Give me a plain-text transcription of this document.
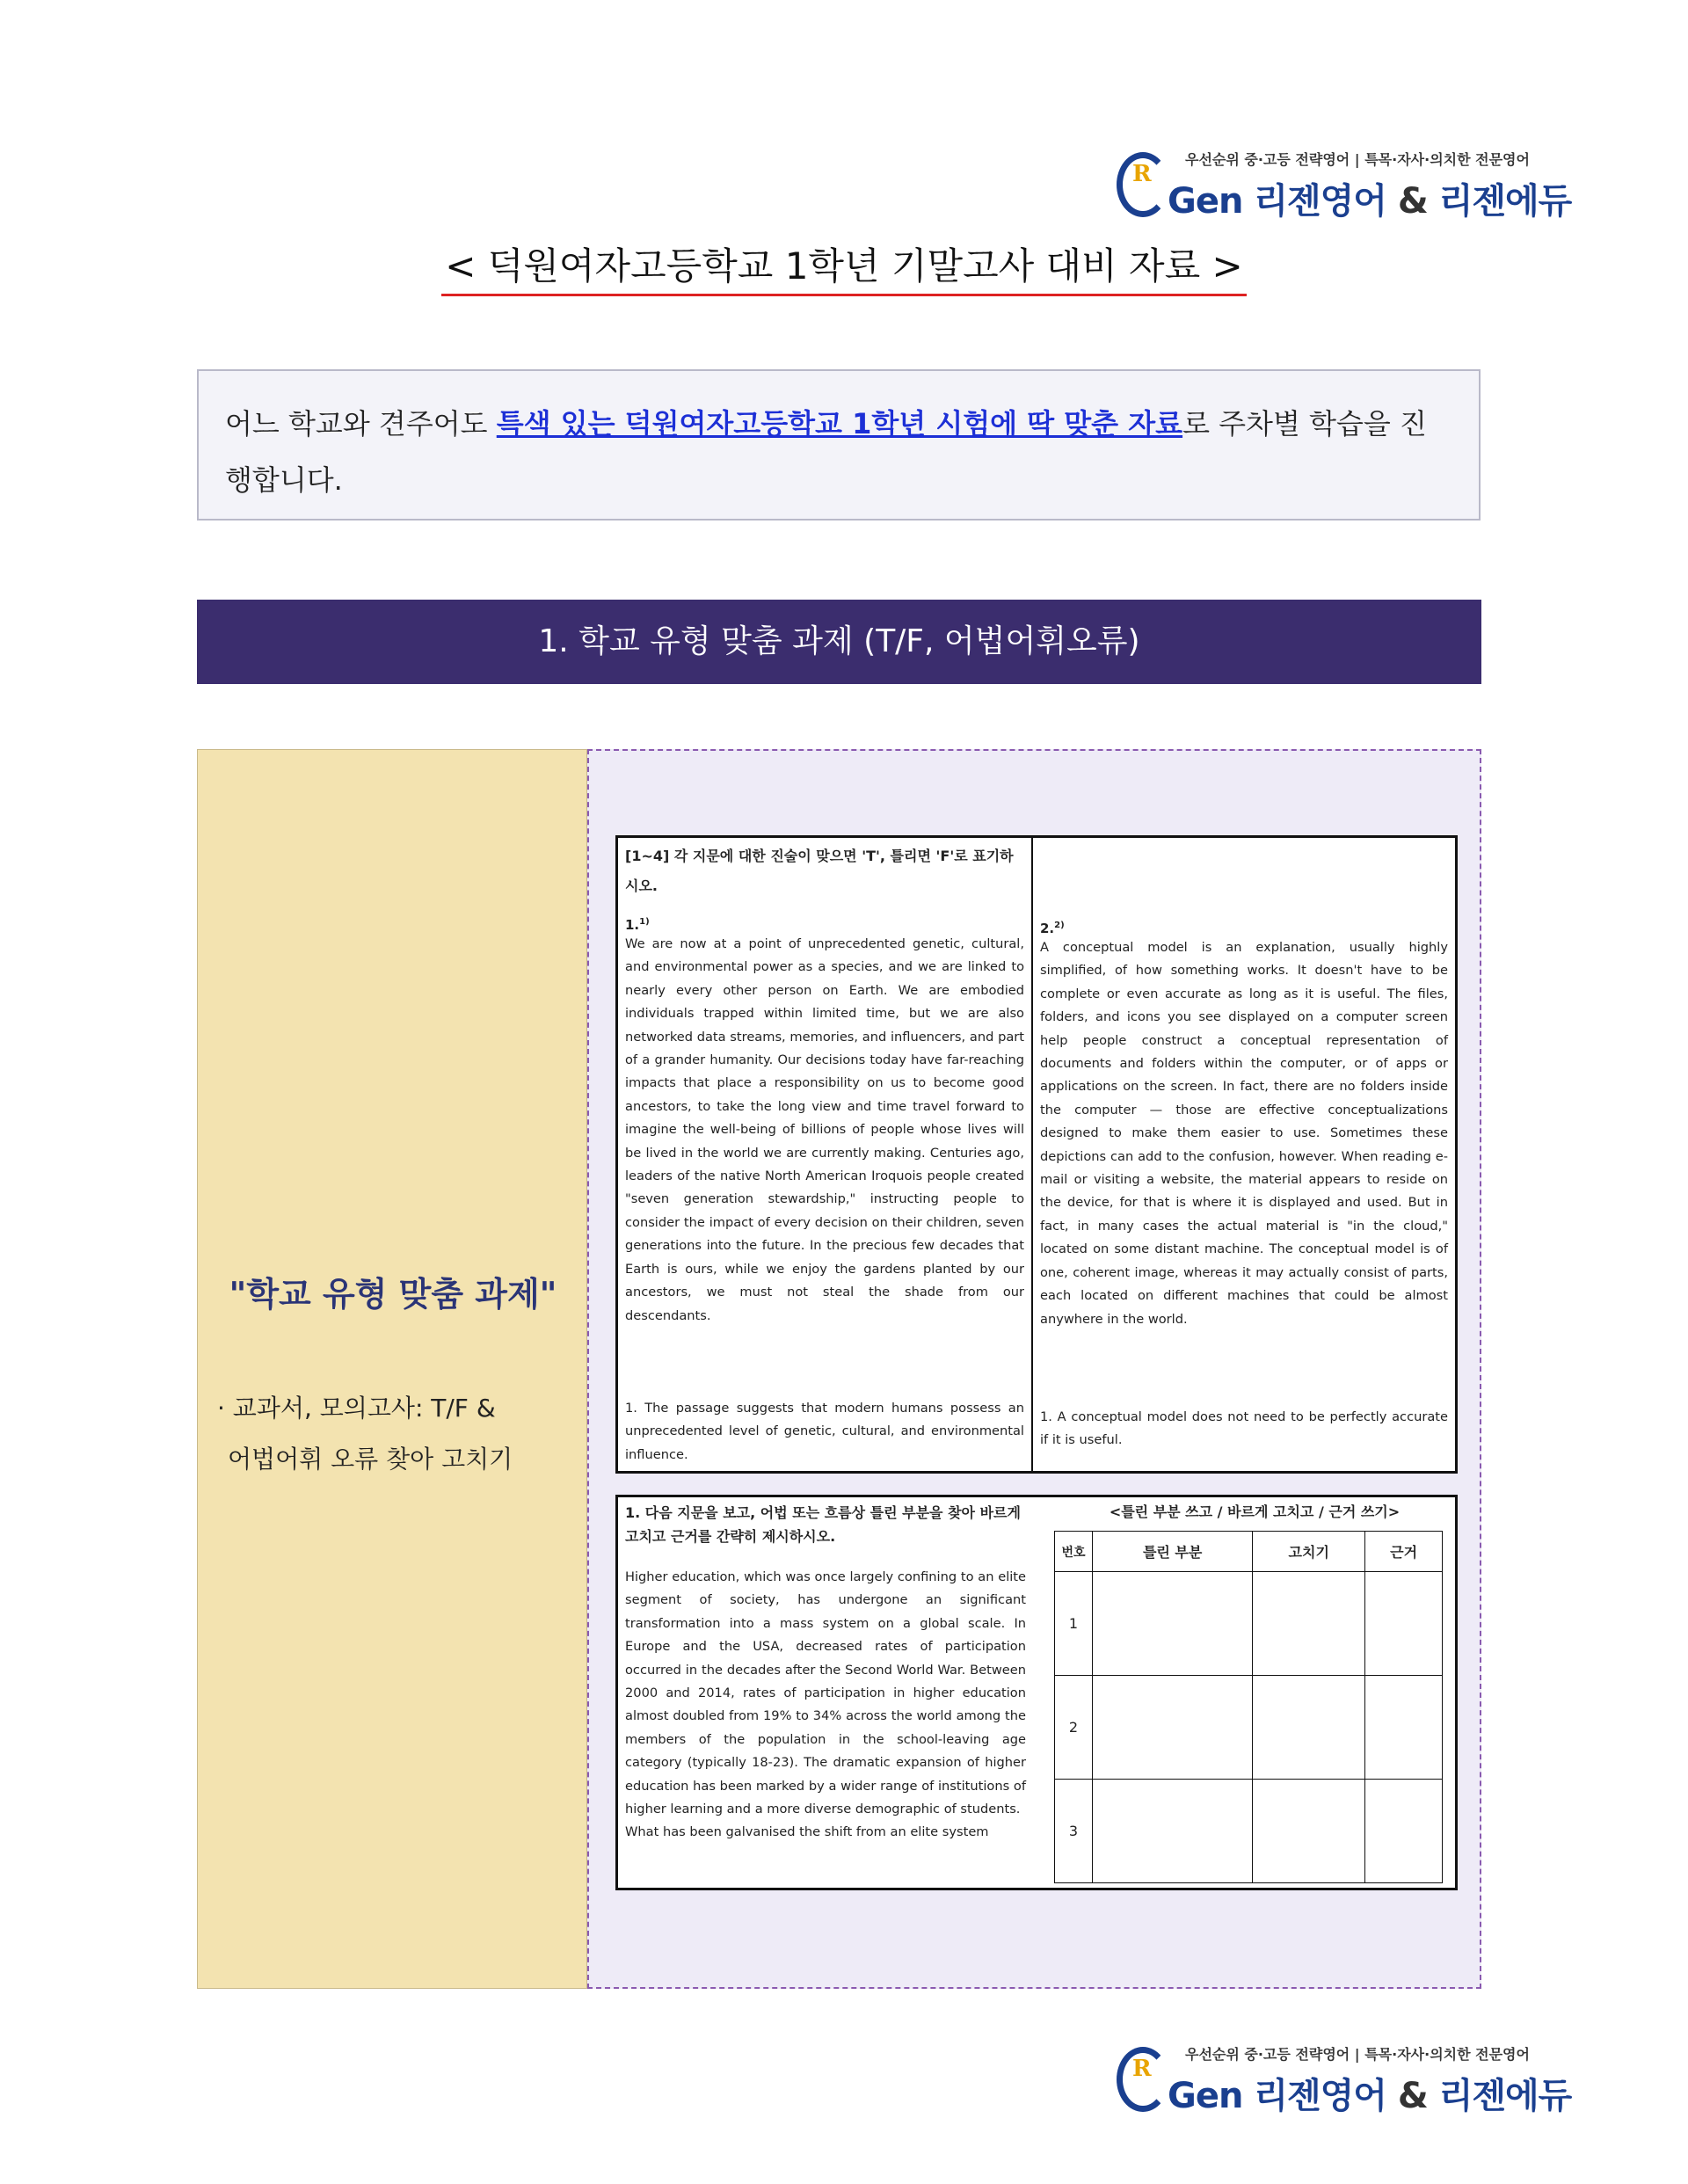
우선순위 중·고등 전략영어 | 특목·자사·의치한 전문영어
R
Gen 리젠영어 & 리젠에듀
< 덕원여자고등학교 1학년 기말고사 대비 자료 >
어느 학교와 견주어도 특색 있는 덕원여자고등학교 1학년 시험에 딱 맞춘 자료로 주차별 학습을 진행합니다.
1. 학교 유형 맞춤 과제 (T/F, 어법어휘오류)
"학교 유형 맞춤 과제"
· 교과서, 모의고사: T/F &
어법어휘 오류 찾아 고치기
[1~4] 각 지문에 대한 진술이 맞으면 'T', 틀리면 'F'로 표기하시오.
1.$^{1)}$
We are now at a point of unprecedented genetic, cultural, and environmental power as a species, and we are linked to nearly every other person on Earth. We are embodied individuals trapped within limited time, but we are also networked data streams, memories, and influencers, and part of a grander humanity. Our decisions today have far-reaching impacts that place a responsibility on us to become good ancestors, to take the long view and time travel forward to imagine the well-being of billions of people whose lives will be lived in the world we are currently making. Centuries ago, leaders of the native North American Iroquois people created "seven generation stewardship," instructing people to consider the impact of every decision on their children, seven generations into the future. In the precious few decades that Earth is ours, while we enjoy the gardens planted by our ancestors, we must not steal the shade from our descendants.
1. The passage suggests that modern humans possess an unprecedented level of genetic, cultural, and environmental influence.
2.$^{2)}$
A conceptual model is an explanation, usually highly simplified, of how something works. It doesn't have to be complete or even accurate as long as it is useful. The files, folders, and icons you see displayed on a computer screen help people construct a conceptual representation of documents and folders within the computer, or of apps or applications on the screen. In fact, there are no folders inside the computer — those are effective conceptualizations designed to make them easier to use. Sometimes these depictions can add to the confusion, however. When reading e-mail or visiting a website, the material appears to reside on the device, for that is where it is displayed and used. But in fact, in many cases the actual material is "in the cloud," located on some distant machine. The conceptual model is of one, coherent image, whereas it may actually consist of parts, each located on different machines that could be almost anywhere in the world.
1. A conceptual model does not need to be perfectly accurate if it is useful.
1. 다음 지문을 보고, 어법 또는 흐름상 틀린 부분을 찾아 바르게 고치고 근거를 간략히 제시하시오.
Higher education, which was once largely confining to an elite segment of society, has undergone an significant transformation into a mass system on a global scale. In Europe and the USA, decreased rates of participation occurred in the decades after the Second World War. Between 2000 and 2014, rates of participation in higher education almost doubled from 19% to 34% across the world among the members of the population in the school-leaving age category (typically 18-23). The dramatic expansion of higher education has been marked by a wider range of institutions of higher learning and a more diverse demographic of students.
What has been galvanised the shift from an elite system
<틀린 부분 쓰고 / 바르게 고치고 / 근거 쓰기>
번호	틀린 부분	고치기	근거
1			
2			
3			
우선순위 중·고등 전략영어 | 특목·자사·의치한 전문영어
R
Gen 리젠영어 & 리젠에듀
